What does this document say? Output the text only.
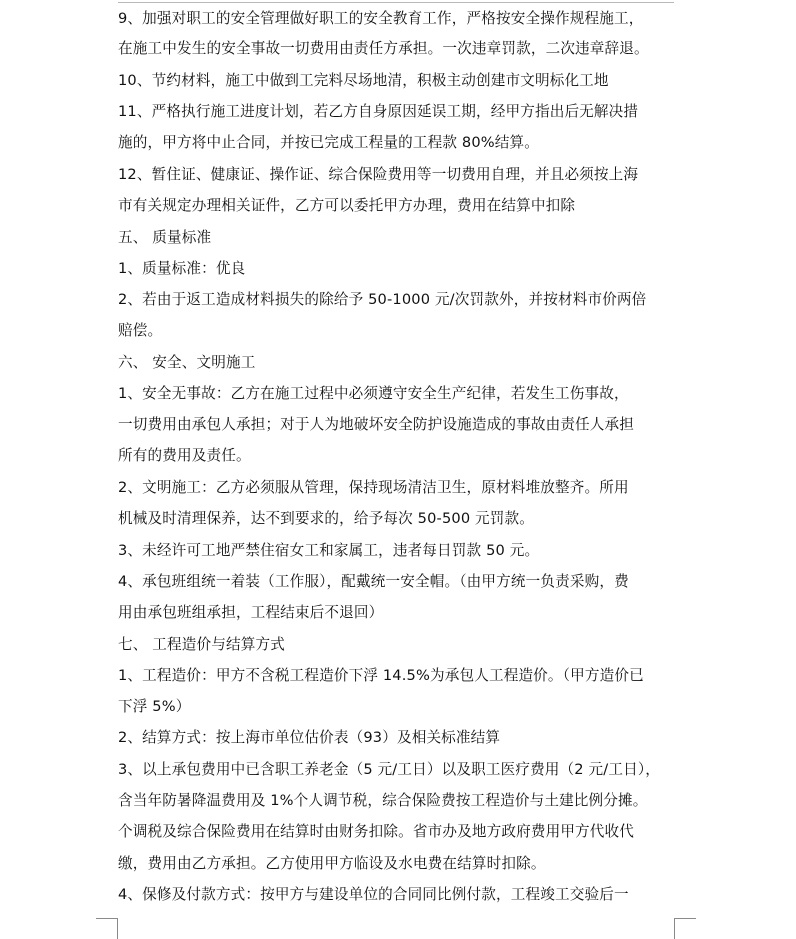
9、加强对职工的安全管理做好职工的安全教育工作，严格按安全操作规程施工，
在施工中发生的安全事故一切费用由责任方承担。一次违章罚款，二次违章辞退。
10、节约材料，施工中做到工完料尽场地清，积极主动创建市文明标化工地
11、严格执行施工进度计划，若乙方自身原因延误工期，经甲方指出后无解决措
施的，甲方将中止合同，并按已完成工程量的工程款 80%结算。
12、暂住证、健康证、操作证、综合保险费用等一切费用自理，并且必须按上海
市有关规定办理相关证件，乙方可以委托甲方办理，费用在结算中扣除
五、 质量标准
1、质量标准：优良
2、若由于返工造成材料损失的除给予 50-1000 元/次罚款外，并按材料市价两倍
赔偿。
六、 安全、文明施工
1、安全无事故：乙方在施工过程中必须遵守安全生产纪律，若发生工伤事故，
一切费用由承包人承担；对于人为地破坏安全防护设施造成的事故由责任人承担
所有的费用及责任。
2、文明施工：乙方必须服从管理，保持现场清洁卫生，原材料堆放整齐。所用
机械及时清理保养，达不到要求的，给予每次 50-500 元罚款。
3、未经许可工地严禁住宿女工和家属工，违者每日罚款 50 元。
4、承包班组统一着装（工作服），配戴统一安全帽。（由甲方统一负责采购，费
用由承包班组承担，工程结束后不退回）
七、 工程造价与结算方式
1、工程造价：甲方不含税工程造价下浮 14.5%为承包人工程造价。（甲方造价已
下浮 5%）
2、结算方式：按上海市单位估价表（93）及相关标准结算
3、以上承包费用中已含职工养老金（5 元/工日）以及职工医疗费用（2 元/工日），
含当年防暑降温费用及 1%个人调节税，综合保险费按工程造价与土建比例分摊。
个调税及综合保险费用在结算时由财务扣除。省市办及地方政府费用甲方代收代
缴，费用由乙方承担。乙方使用甲方临设及水电费在结算时扣除。
4、保修及付款方式：按甲方与建设单位的合同同比例付款，工程竣工交验后一
